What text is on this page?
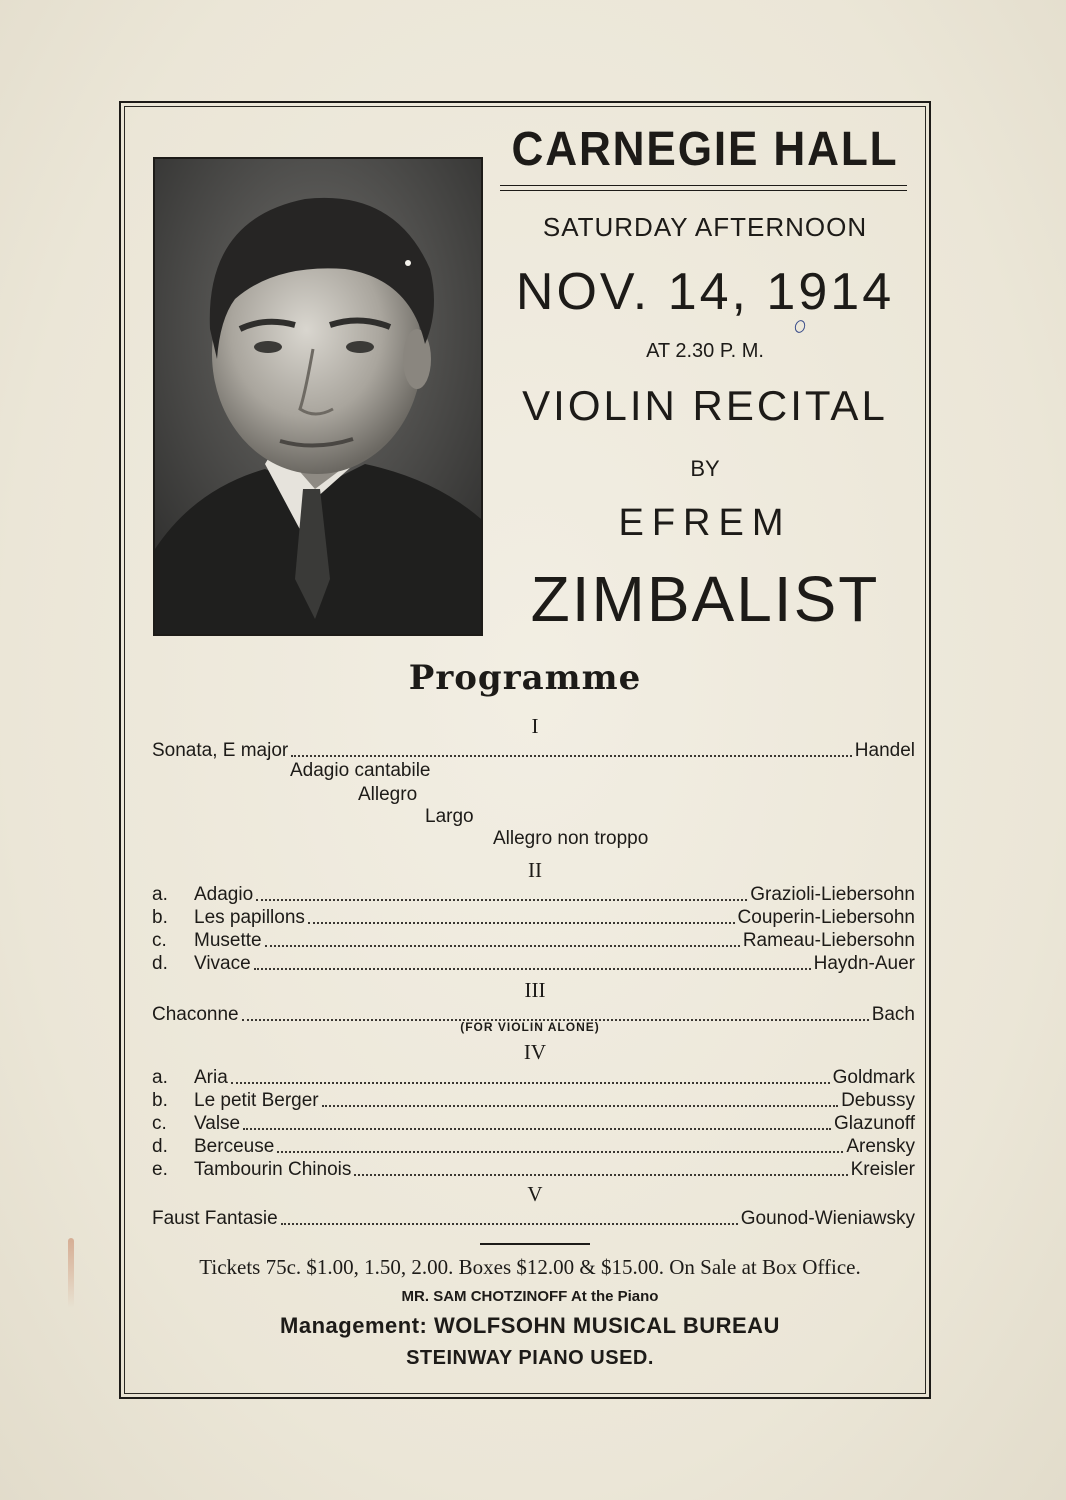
CARNEGIE HALL
SATURDAY AFTERNOON
NOV. 14, 1914
AT 2.30 P. M.
VIOLIN RECITAL
BY
EFREM
ZIMBALIST
Programme
I
Sonata, E major	Handel
Adagio cantabile
Allegro
Largo
Allegro non troppo
II
a.	Adagio	Grazioli-Liebersohn
b.	Les papillons	Couperin-Liebersohn
c.	Musette	Rameau-Liebersohn
d.	Vivace	Haydn-Auer
III
Chaconne	Bach
(FOR VIOLIN ALONE)
IV
a.	Aria	Goldmark
b.	Le petit Berger	Debussy
c.	Valse	Glazunoff
d.	Berceuse	Arensky
e.	Tambourin Chinois	Kreisler
V
Faust Fantasie	Gounod-Wieniawsky
Tickets 75c. $1.00, 1.50, 2.00. Boxes $12.00 & $15.00. On Sale at Box Office.
MR. SAM CHOTZINOFF At the Piano
Management: WOLFSOHN MUSICAL BUREAU
STEINWAY PIANO USED.
